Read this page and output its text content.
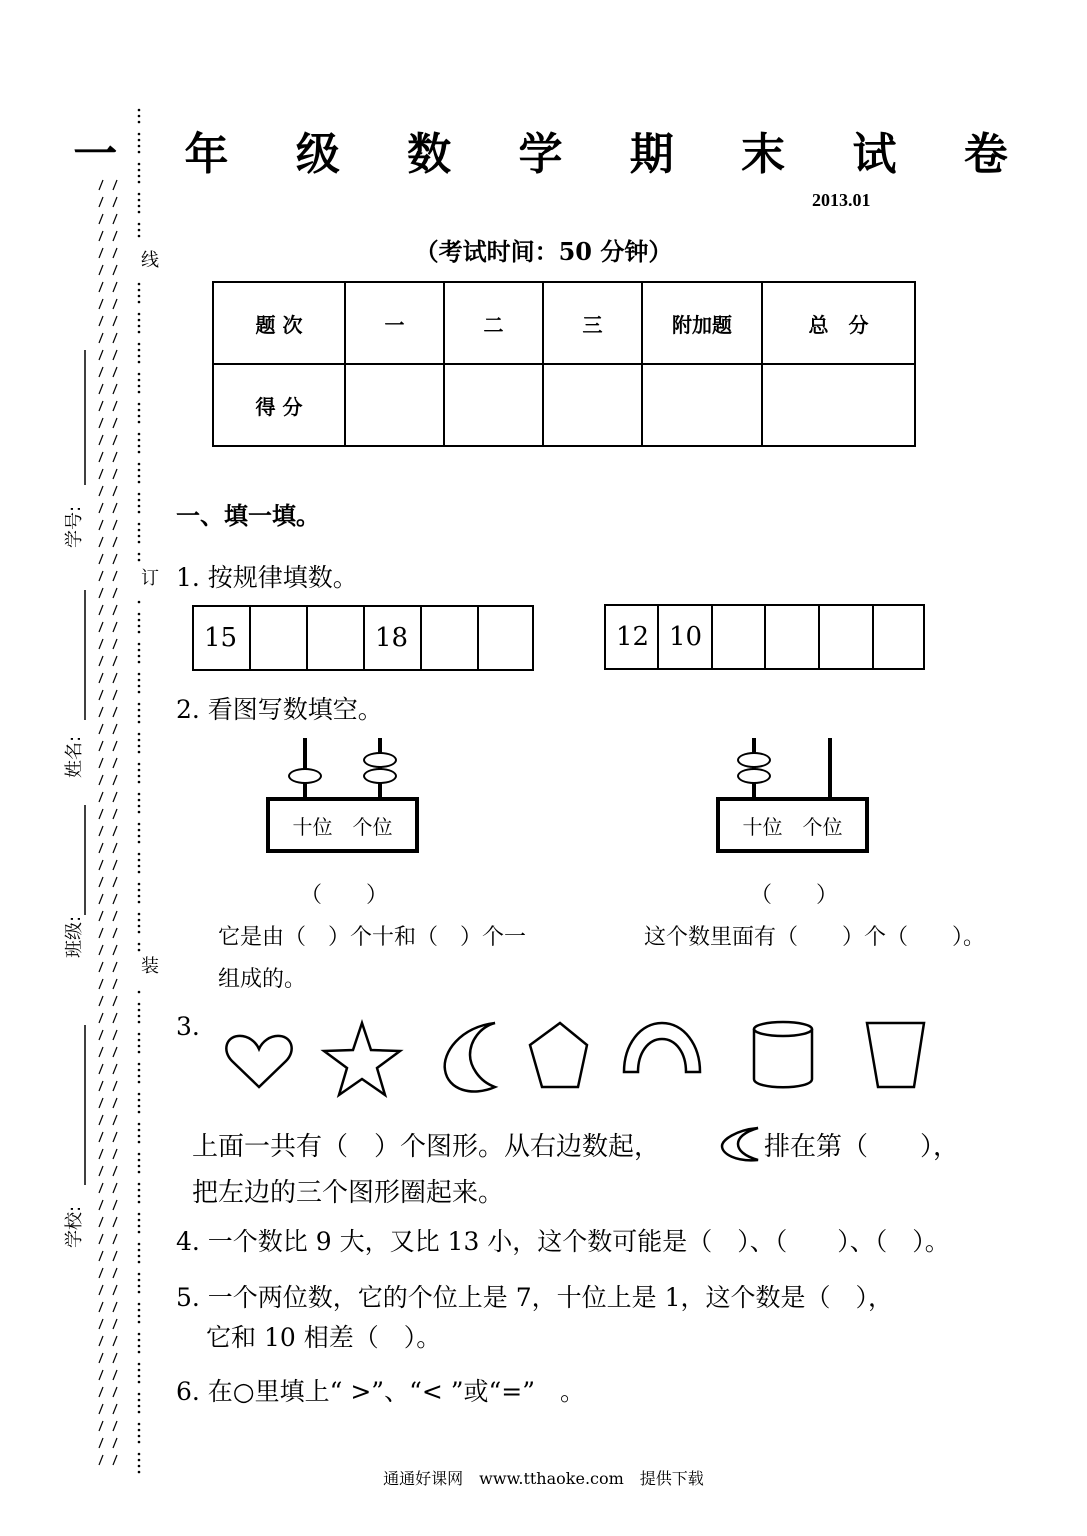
线
订
装
学号:
姓名:
班级:
学校:
一 年 级 数 学 期 末 试 卷
2013.01
（考试时间：50 分钟）
题 次	一	二	三	附加题	总　分
得 分					
一、填一填。
1. 按规律填数。
15	18	12 10
2. 看图写数填空。
十位　个位
（　　）
十位　个位
（　　）
它是由（　）个十和（　）个一
组成的。
这个数里面有（　　）个（　　）。
3.
上面一共有（　）个图形。从右边数起，	排在第（　　），
把左边的三个图形圈起来。
4. 一个数比 9 大，又比 13 小，这个数可能是（　）、（　　）、（　）。
5. 一个两位数，它的个位上是 7，十位上是 1，这个数是（　），
它和 10 相差（　）。
6. 在○里填上“ >”、“< ”或“=”　。
通通好课网　www.tthaoke.com　提供下载
